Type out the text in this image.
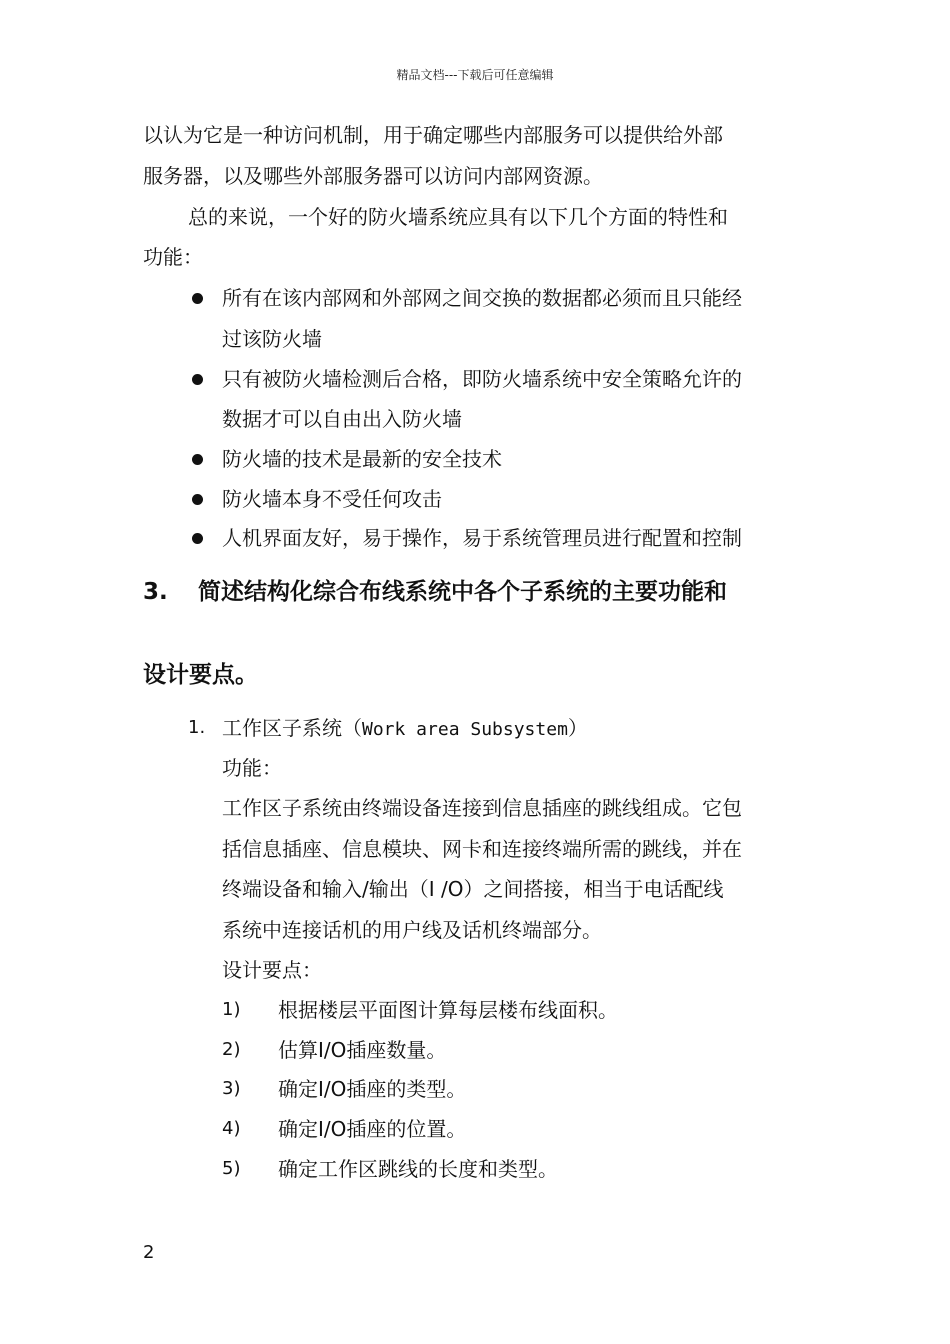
精品文档---下载后可任意编辑
以认为它是一种访问机制，用于确定哪些内部服务可以提供给外部
服务器，以及哪些外部服务器可以访问内部网资源。
总的来说，一个好的防火墙系统应具有以下几个方面的特性和
功能：
所有在该内部网和外部网之间交换的数据都必须而且只能经
过该防火墙
只有被防火墙检测后合格，即防火墙系统中安全策略允许的
数据才可以自由出入防火墙
防火墙的技术是最新的安全技术
防火墙本身不受任何攻击
人机界面友好，易于操作，易于系统管理员进行配置和控制
3. 简述结构化综合布线系统中各个子系统的主要功能和
设计要点。
1. 工作区子系统（Work area Subsystem）
功能：
工作区子系统由终端设备连接到信息插座的跳线组成。它包
括信息插座、信息模块、网卡和连接终端所需的跳线，并在
终端设备和输入/输出（I /O）之间搭接，相当于电话配线
系统中连接话机的用户线及话机终端部分。
设计要点：
1) 根据楼层平面图计算每层楼布线面积。
2) 估算I/O插座数量。
3) 确定I/O插座的类型。
4) 确定I/O插座的位置。
5) 确定工作区跳线的长度和类型。
2
